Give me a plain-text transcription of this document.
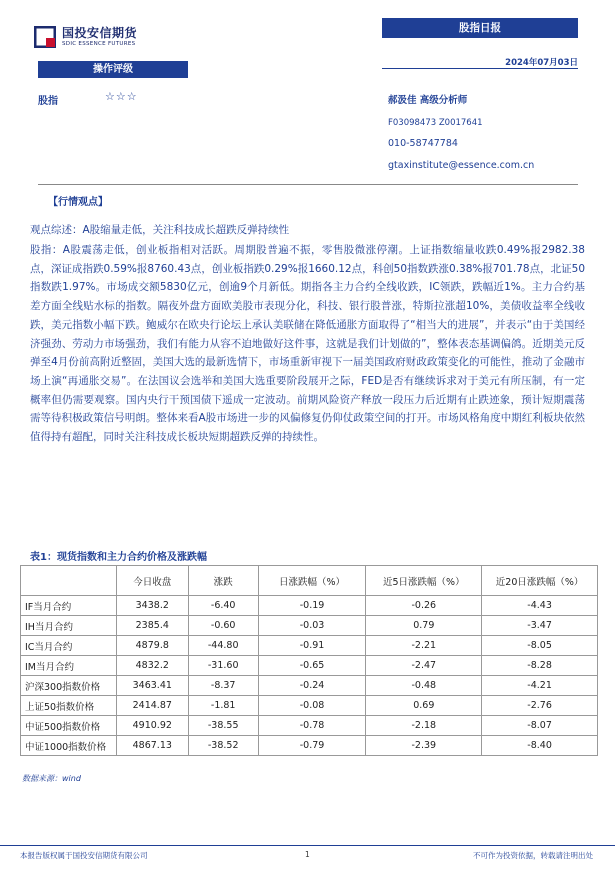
国投安信期货
SDIC ESSENCE FUTURES
股指日报
2024年07月03日
操作评级
股指	☆☆☆	郝汲佳 高级分析师
F03098473 Z0017641
010-58747784
gtaxinstitute@essence.com.cn
【行情观点】
观点综述：A股缩量走低，关注科技成长超跌反弹持续性
股指：A股震荡走低，创业板指相对活跃。周期股普遍不振，零售股微涨停潮。上证指数缩量收跌0.49%报2982.38点，深证成指跌0.59%报8760.43点，创业板指跌0.29%报1660.12点，科创50指数跌涨0.38%报701.78点，北证50指数跌1.97%。市场成交额5830亿元，创逾9个月新低。期指各主力合约全线收跌，IC领跌，跌幅近1%。主力合约基差方面全线贴水标的指数。隔夜外盘方面欧美股市表现分化，科技、银行股普涨，特斯拉涨超10%，美债收益率全线收跌，美元指数小幅下跌。鲍威尔在欧央行论坛上承认美联储在降低通胀方面取得了“相当大的进展”，并表示“由于美国经济强劲、劳动力市场强劲，我们有能力从容不迫地做好这件事，这就是我们计划做的”，整体表态基调偏鸽。近期美元反弹至4月份前高附近整固，美国大选的最新选情下，市场重新审视下一届美国政府财政政策变化的可能性，推动了金融市场上演“再通胀交易”。在法国议会选举和美国大选重要阶段展开之际，FED是否有继续诉求对于美元有所压制，有一定概率但仍需要观察。国内央行干预国债下遥成一定波动。前期风险资产释放一段压力后近期有止跌迹象，预计短期震荡需等待积极政策信号明朗。整体来看A股市场进一步的风偏修复仍仰仗政策空间的打开。市场风格角度中期红利板块依然值得持有超配，同时关注科技成长板块短期超跌反弹的持续性。
表1：现货指数和主力合约价格及涨跌幅
	今日收盘	涨跌	日涨跌幅（%）	近5日涨跌幅（%）	近20日涨跌幅（%）
IF当月合约	3438.2	-6.40	-0.19	-0.26	-4.43
IH当月合约	2385.4	-0.60	-0.03	0.79	-3.47
IC当月合约	4879.8	-44.80	-0.91	-2.21	-8.05
IM当月合约	4832.2	-31.60	-0.65	-2.47	-8.28
沪深300指数价格	3463.41	-8.37	-0.24	-0.48	-4.21
上证50指数价格	2414.87	-1.81	-0.08	0.69	-2.76
中证500指数价格	4910.92	-38.55	-0.78	-2.18	-8.07
中证1000指数价格	4867.13	-38.52	-0.79	-2.39	-8.40
数据来源：wind
本报告版权属于国投安信期货有限公司	1	不可作为投资依据，转载请注明出处
